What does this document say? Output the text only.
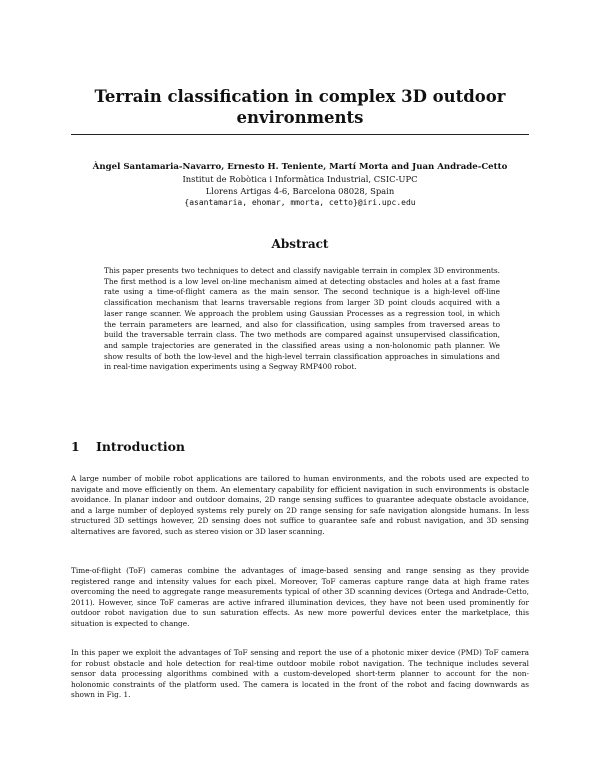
Terrain classification in complex 3D outdoor
environments
Àngel Santamaria-Navarro, Ernesto H. Teniente, Martí Morta and Juan Andrade-Cetto
Institut de Robòtica i Informàtica Industrial, CSIC-UPC
Llorens Artigas 4-6, Barcelona 08028, Spain
{asantamaria, ehomar, mmorta, cetto}@iri.upc.edu
Abstract

This paper presents two techniques to detect and classify navigable terrain in complex 3D environments. The first method is a low level on-line mechanism aimed at detecting obstacles and holes at a fast frame rate using a time-of-flight camera as the main sensor. The second technique is a high-level off-line classification mechanism that learns traversable regions from larger 3D point clouds acquired with a laser range scanner. We approach the problem using Gaussian Processes as a regression tool, in which the terrain parameters are learned, and also for classification, using samples from traversed areas to build the traversable terrain class. The two methods are compared against unsupervised classification, and sample trajectories are generated in the classified areas using a non-holonomic path planner. We show results of both the low-level and the high-level terrain classification approaches in simulations and in real-time navigation experiments using a Segway RMP400 robot.

1 Introduction

A large number of mobile robot applications are tailored to human environments, and the robots used are expected to navigate and move efficiently on them. An elementary capability for efficient navigation in such environments is obstacle avoidance. In planar indoor and outdoor domains, 2D range sensing suffices to guarantee adequate obstacle avoidance, and a large number of deployed systems rely purely on 2D range sensing for safe navigation alongside humans. In less structured 3D settings however, 2D sensing does not suffice to guarantee safe and robust navigation, and 3D sensing alternatives are favored, such as stereo vision or 3D laser scanning.

Time-of-flight (ToF) cameras combine the advantages of image-based sensing and range sensing as they provide registered range and intensity values for each pixel. Moreover, ToF cameras capture range data at high frame rates overcoming the need to aggregate range measurements typical of other 3D scanning devices (Ortega and Andrade-Cetto, 2011). However, since ToF cameras are active infrared illumination devices, they have not been used prominently for outdoor robot navigation due to sun saturation effects. As new more powerful devices enter the marketplace, this situation is expected to change.

In this paper we exploit the advantages of ToF sensing and report the use of a photonic mixer device (PMD) ToF camera for robust obstacle and hole detection for real-time outdoor mobile robot navigation. The technique includes several sensor data processing algorithms combined with a custom-developed short-term planner to account for the non-holonomic constraints of the platform used. The camera is located in the front of the robot and facing downwards as shown in Fig. 1.
